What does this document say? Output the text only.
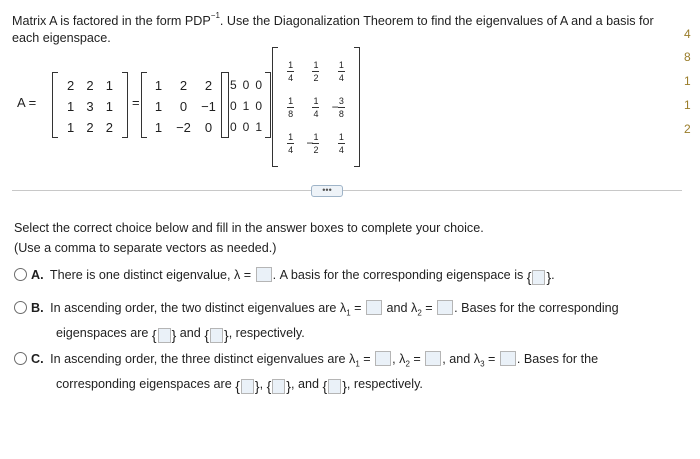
Matrix A is factored in the form $PDP^{-1}$. Use the Diagonalization Theorem to find the eigenvalues of A and a basis for each eigenspace.	4
8
1
1
2
A =
2 2 1
1 3 1
1 2 2
=
1	2	2
1	0	−1
1	−2	0
5 0 0
0 1 0
0 0 1
$\frac{1}{4} \frac{1}{2} \frac{1}{4}$
$\frac{1}{8} \frac{1}{4} - \frac{3}{8}$
$\frac{1}{4} - \frac{1}{2} \frac{1}{4}$
•••
Select the correct choice below and fill in the answer boxes to complete your choice.
(Use a comma to separate vectors as needed.)
A. There is one distinct eigenvalue, λ = . A basis for the corresponding eigenspace is { }.
B. In ascending order, the two distinct eigenvalues are $\lambda_1$ =  and $\lambda_2$ = . Bases for the corresponding
eigenspaces are { } and { }, respectively.
C. In ascending order, the three distinct eigenvalues are $\lambda_1$ = , $\lambda_2$ = , and $\lambda_3$ = . Bases for the
corresponding eigenspaces are { }, { }, and { }, respectively.
